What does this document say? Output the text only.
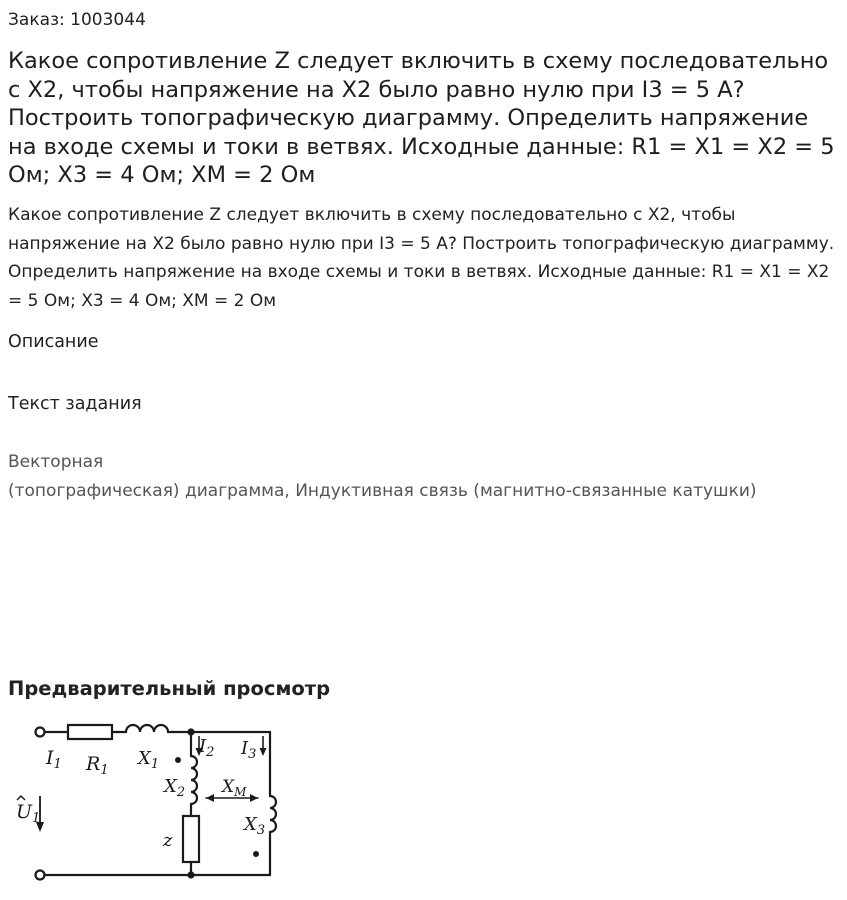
Заказ: 1003044
Какое сопротивление Z следует включить в схему последовательно с X2, чтобы напряжение на X2 было равно нулю при I3 = 5 А? Построить топографическую диаграмму. Определить напряжение на входе схемы и токи в ветвях. Исходные данные: R1 = X1 = X2 = 5 Ом; X3 = 4 Ом; XM = 2 Ом
Какое сопротивление Z следует включить в схему последовательно с X2, чтобы напряжение на X2 было равно нулю при I3 = 5 А? Построить топографическую диаграмму. Определить напряжение на входе схемы и токи в ветвях. Исходные данные: R1 = X1 = X2 = 5 Ом; X3 = 4 Ом; XM = 2 Ом
Описание
Текст задания
Векторная
(топографическая) диаграмма, Индуктивная связь (магнитно-связанные катушки)
Предварительный просмотр
$I_1$ $R_1$
$X_1$
$I_2$ $I_3$
$X_2$ $X_M$
$X_3$
$U_1$
z
